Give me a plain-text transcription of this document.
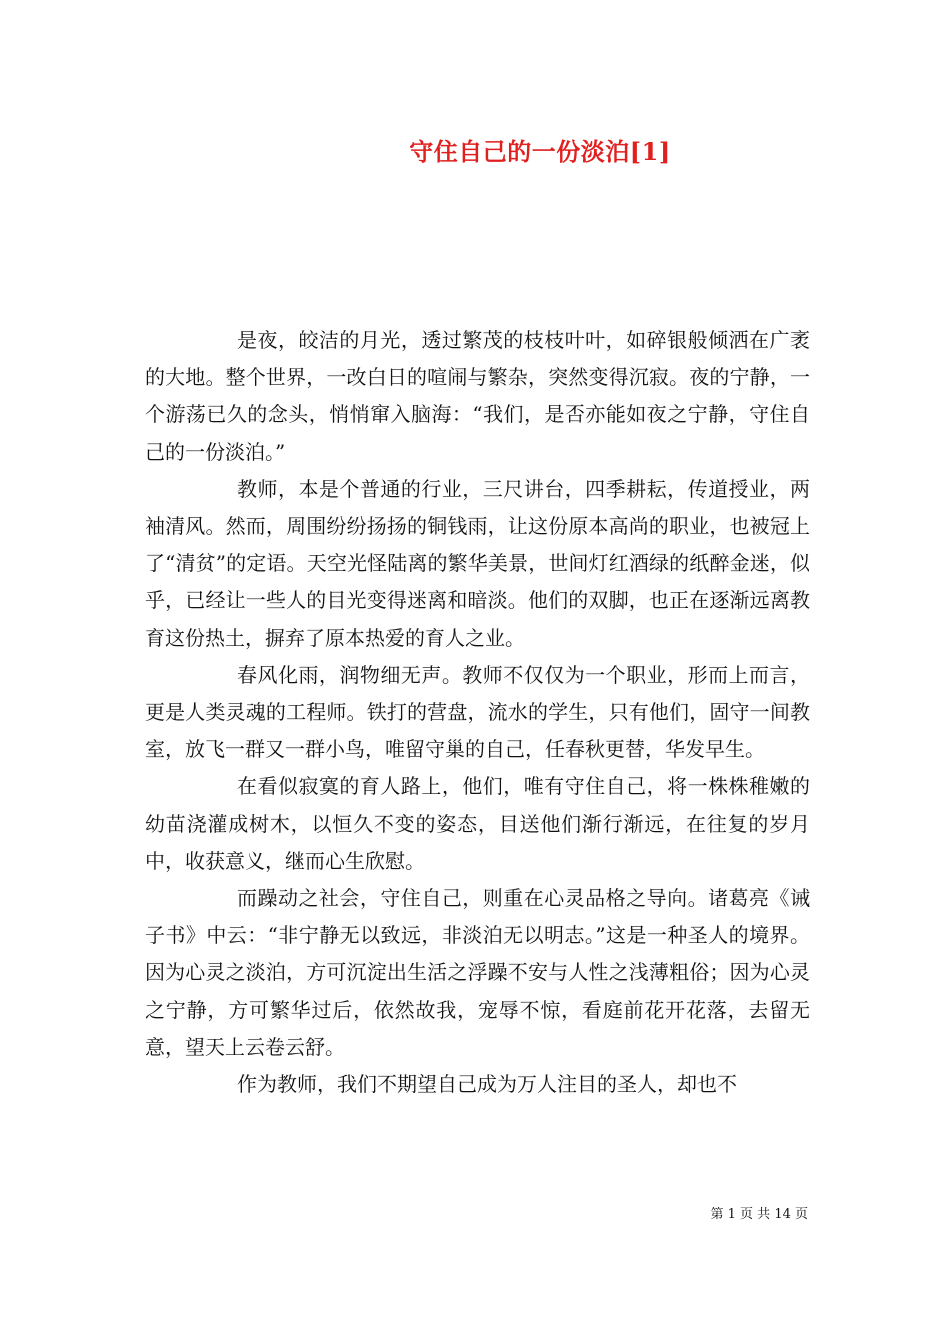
守住自己的一份淡泊[1]

是夜，皎洁的月光，透过繁茂的枝枝叶叶，如碎银般倾洒在广袤的大地。整个世界，一改白日的喧闹与繁杂，突然变得沉寂。夜的宁静，一个游荡已久的念头，悄悄窜入脑海：“我们，是否亦能如夜之宁静，守住自己的一份淡泊。”

教师，本是个普通的行业，三尺讲台，四季耕耘，传道授业，两袖清风。然而，周围纷纷扬扬的铜钱雨，让这份原本高尚的职业，也被冠上了“清贫”的定语。天空光怪陆离的繁华美景，世间灯红酒绿的纸醉金迷，似乎，已经让一些人的目光变得迷离和暗淡。他们的双脚，也正在逐渐远离教育这份热土，摒弃了原本热爱的育人之业。

春风化雨，润物细无声。教师不仅仅为一个职业，形而上而言，更是人类灵魂的工程师。铁打的营盘，流水的学生，只有他们，固守一间教室，放飞一群又一群小鸟，唯留守巢的自己，任春秋更替，华发早生。

在看似寂寞的育人路上，他们，唯有守住自己，将一株株稚嫩的幼苗浇灌成树木，以恒久不变的姿态，目送他们渐行渐远，在往复的岁月中，收获意义，继而心生欣慰。

而躁动之社会，守住自己，则重在心灵品格之导向。诸葛亮《诫子书》中云：“非宁静无以致远，非淡泊无以明志。”这是一种圣人的境界。因为心灵之淡泊，方可沉淀出生活之浮躁不安与人性之浅薄粗俗；因为心灵之宁静，方可繁华过后，依然故我，宠辱不惊，看庭前花开花落，去留无意，望天上云卷云舒。

作为教师，我们不期望自己成为万人注目的圣人，却也不

第 1 页 共 14 页
